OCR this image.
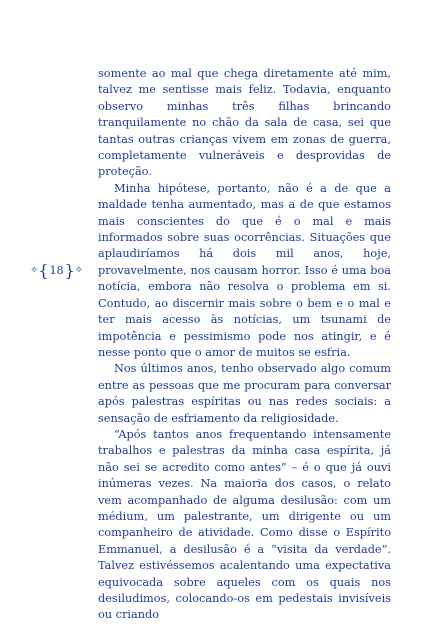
somente ao mal que chega diretamente até mim, talvez me sentisse mais feliz. Todavia, enquanto observo minhas três filhas brincando tranquilamente no chão da sala de casa, sei que tantas outras crianças vivem em zonas de guerra, completamente vulneráveis e desprovidas de proteção.

Minha hipótese, portanto, não é a de que a maldade tenha aumentado, mas a de que estamos mais conscientes do que é o mal e mais informados sobre suas ocorrências. Situações que aplaudiríamos há dois mil anos, hoje, provavelmente, nos causam horror. Isso é uma boa notícia, embora não resolva o problema em si. Contudo, ao discernir mais sobre o bem e o mal e ter mais acesso às notícias, um tsunami de impotência e pessimismo pode nos atingir, e é nesse ponto que o amor de muitos se esfria.

Nos últimos anos, tenho observado algo comum entre as pessoas que me procuram para conversar após palestras espíritas ou nas redes sociais: a sensação de esfriamento da religiosidade.

“Após tantos anos frequentando intensamente trabalhos e palestras da minha casa espírita, já não sei se acredito como antes” – é o que já ouvi inúmeras vezes. Na maioria dos casos, o relato vem acompanhado de alguma desilusão: com um médium, um palestrante, um dirigente ou um companheiro de atividade. Como disse o Espírito Emmanuel, a desilusão é a “visita da verdade”. Talvez estivéssemos acalentando uma expectativa equivocada sobre aqueles com os quais nos desiludimos, colocando-os em pedestais invisíveis ou criando

✧ { 18 } ✧
